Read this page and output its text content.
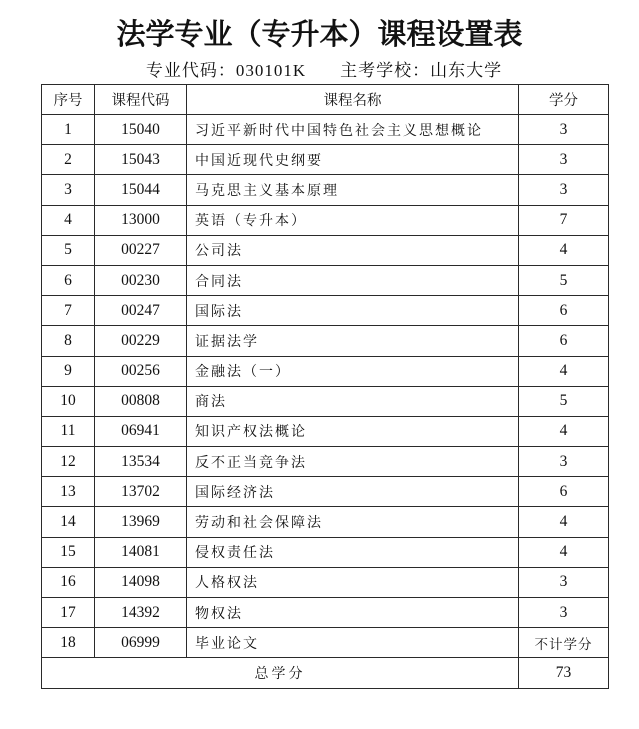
法学专业（专升本）课程设置表
专业代码：030101K 主考学校：山东大学
序号	课程代码	课程名称	学分
1	15040	习近平新时代中国特色社会主义思想概论	3
2	15043	中国近现代史纲要	3
3	15044	马克思主义基本原理	3
4	13000	英语（专升本）	7
5	00227	公司法	4
6	00230	合同法	5
7	00247	国际法	6
8	00229	证据法学	6
9	00256	金融法（一）	4
10	00808	商法	5
11	06941	知识产权法概论	4
12	13534	反不正当竞争法	3
13	13702	国际经济法	6
14	13969	劳动和社会保障法	4
15	14081	侵权责任法	4
16	14098	人格权法	3
17	14392	物权法	3
18	06999	毕业论文	不计学分
总学分			73
